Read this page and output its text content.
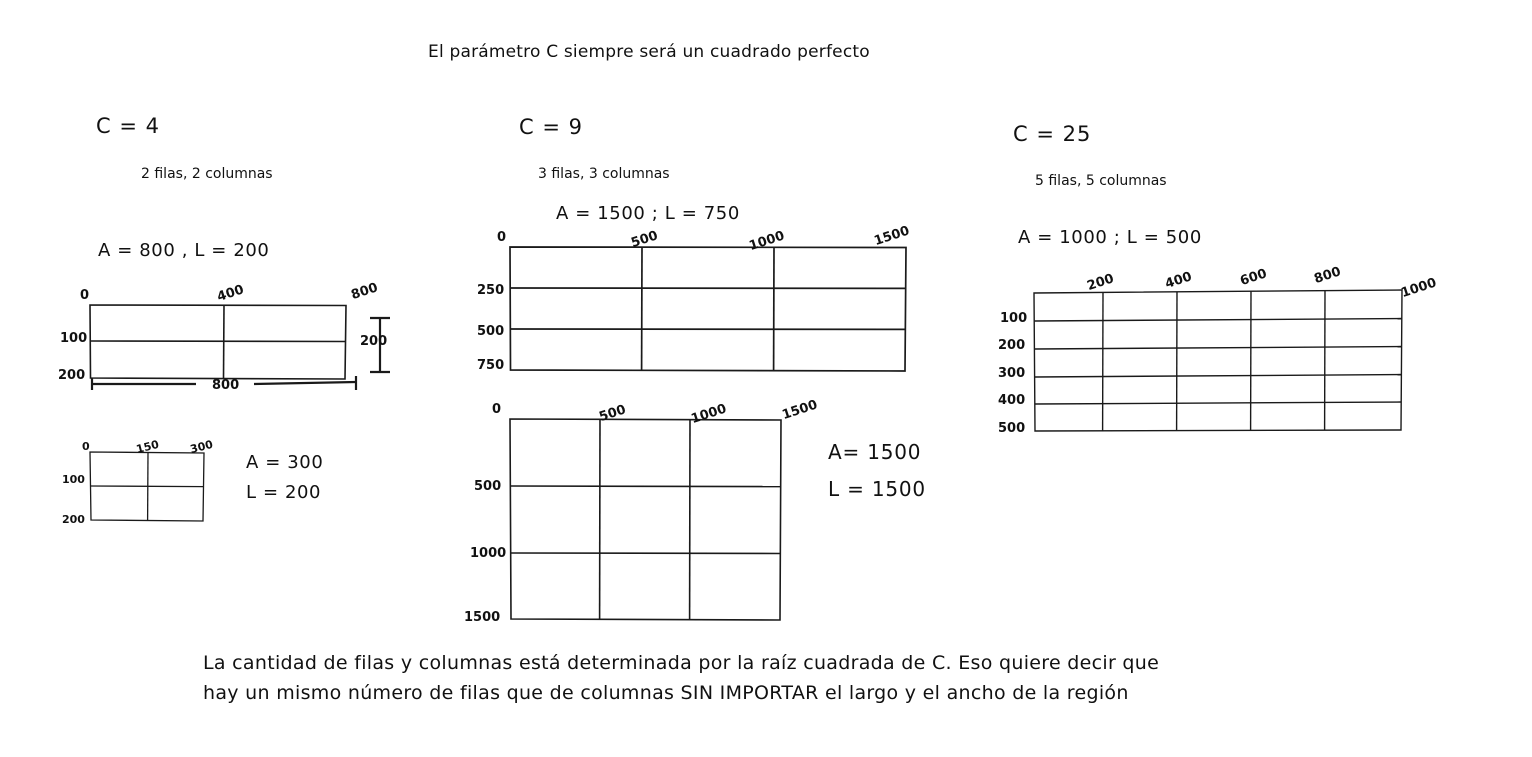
El parámetro C siempre será un cuadrado perfecto
C = 4
2 filas, 2 columnas
A = 800 , L = 200
400	800
0
100
200
800
200
0	150	300
100
200
A = 300
L = 200
C = 9
3 filas, 3 columnas
A = 1500 ; L = 750
0	500	1000	1500
250
500
750
0	500	1000	1500
500
1000
1500
A= 1500
L = 1500
C = 25
5 filas, 5 columnas
A = 1000 ; L = 500
200	400	600	800	1000
100
200
300
400
500
La cantidad de filas y columnas está determinada por la raíz cuadrada de C. Eso quiere decir que
hay un mismo número de filas que de columnas SIN IMPORTAR el largo y el ancho de la región
